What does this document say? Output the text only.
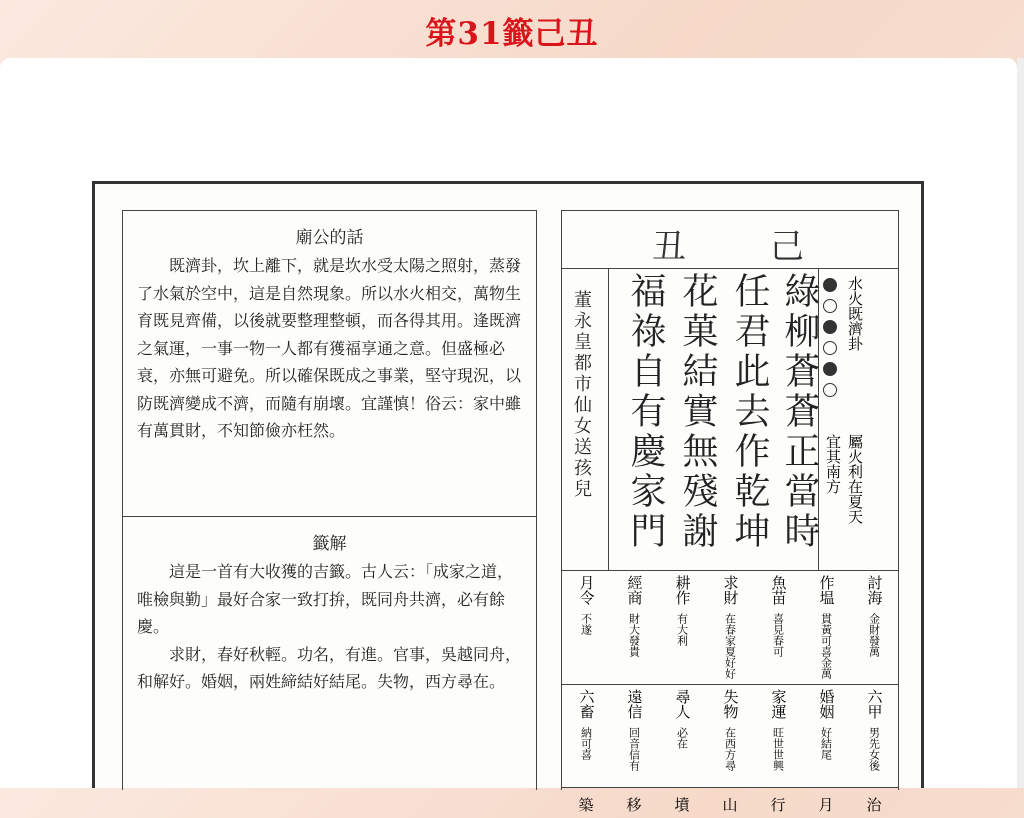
第31籤己丑
廟公的話

既濟卦，坎上離下，就是坎水受太陽之照射，蒸發了水氣於空中，這是自然現象。所以水火相交，萬物生育既見齊備，以後就要整理整頓，而各得其用。逢既濟之氣運，一事一物一人都有獲福享通之意。但盛極必衰，亦無可避免。所以確保既成之事業，堅守現況，以防既濟變成不濟，而隨有崩壞。宜謹慎！俗云：家中雖有萬貫財，不知節儉亦枉然。

籤解

這是一首有大收獲的吉籤。古人云：「成家之道，唯檢與勤」最好合家一致打拚，既同舟共濟，必有餘慶。

求財，春好秋輕。功名，有進。官事，吳越同舟，和解好。婚姻，兩姓締結好結尾。失物，西方尋在。

丑 己
董永皇都市仙女送孩兒	綠柳蒼蒼正當時
任君此去作乾坤
花菓結實無殘謝
福祿自有慶家門	水火既濟卦
宜其南方 屬火利在夏天
討海
金財發萬
作塭
貫黃可喜金萬
魚苗
喜見春可
求財
在春家夏好好
耕作
有大利
經商
財大發貴
月令
不遂
六甲
男先女後
婚姻
好結尾
家運
旺世世興
失物
在西方尋
尋人
必在
遠信
回音信有
六畜
納可喜
治
月
行
山
墳
移
築
